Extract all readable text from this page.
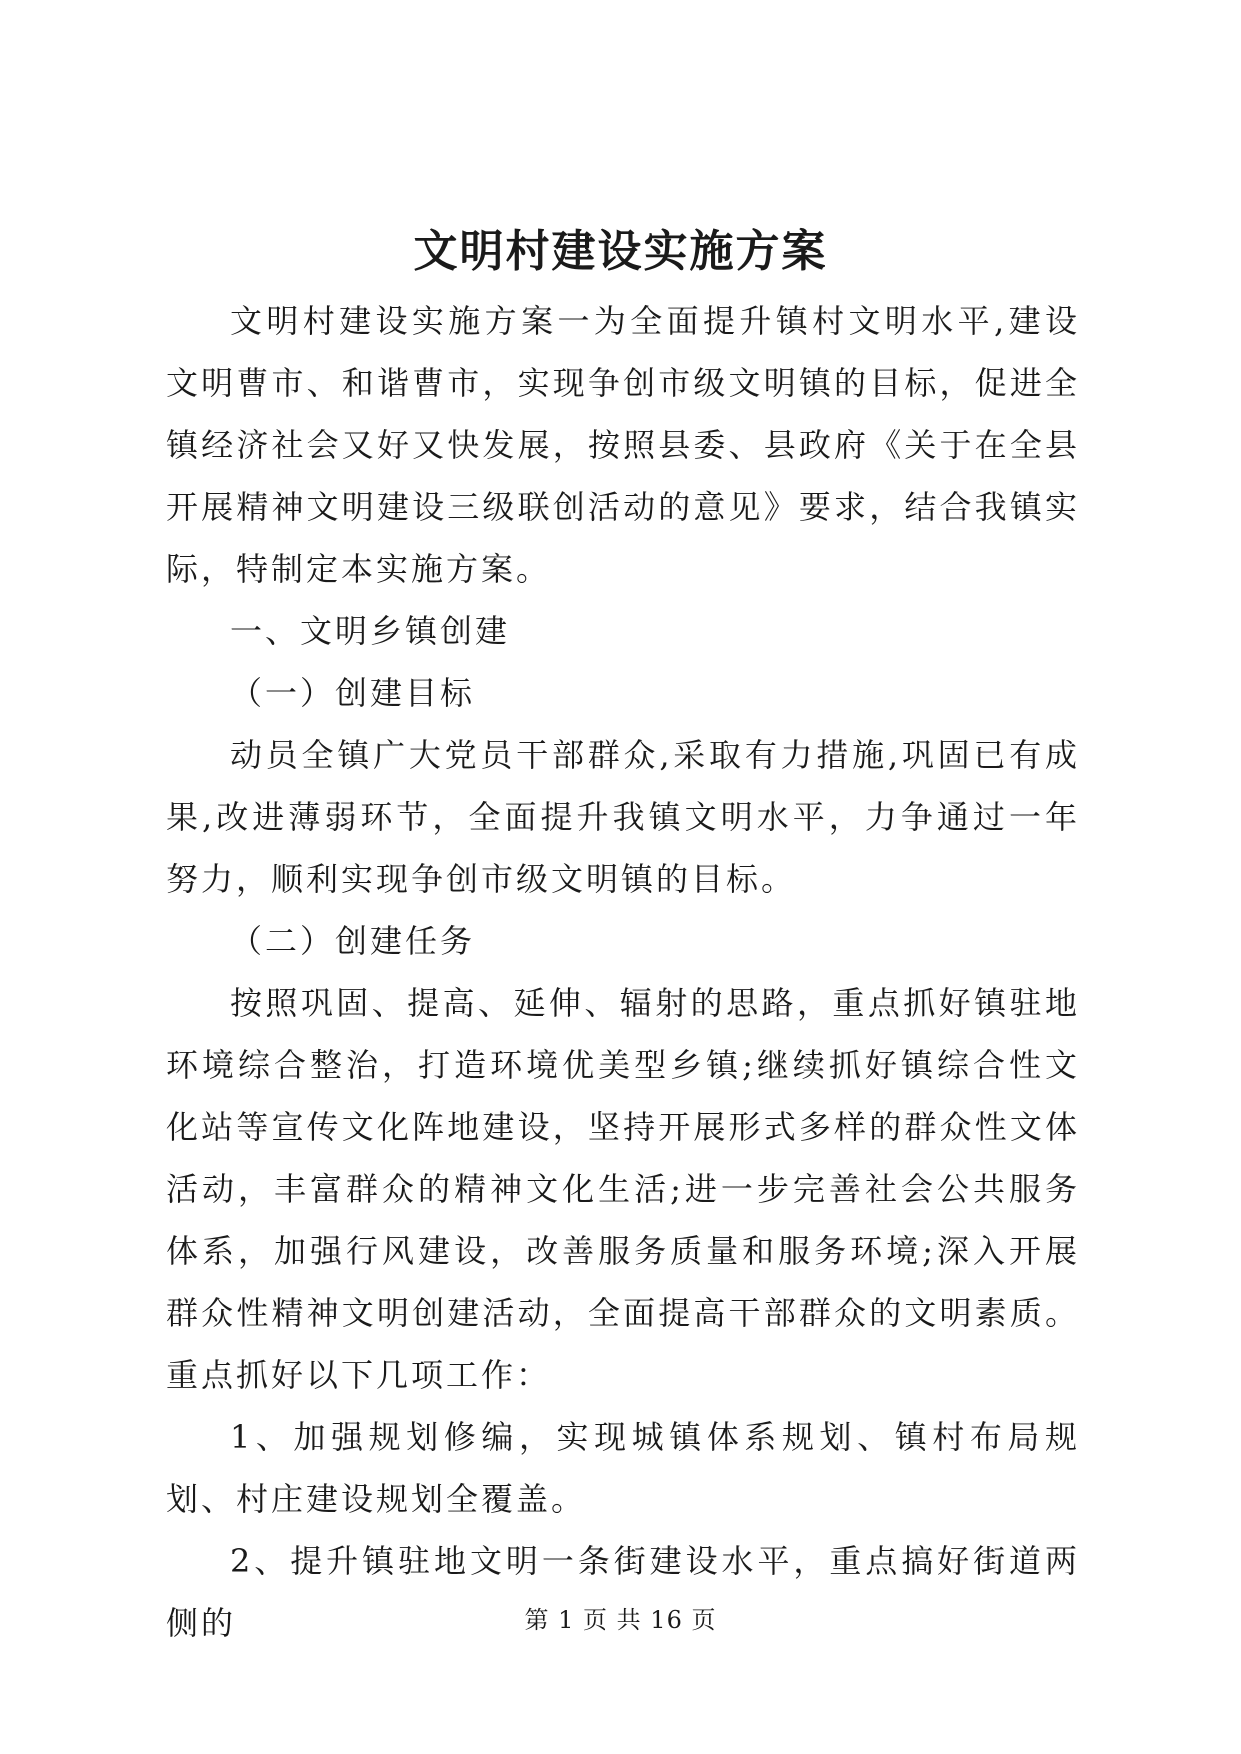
文明村建设实施方案

文明村建设实施方案一为全面提升镇村文明水平,建设文明曹市、和谐曹市，实现争创市级文明镇的目标，促进全镇经济社会又好又快发展，按照县委、县政府《关于在全县开展精神文明建设三级联创活动的意见》要求，结合我镇实际，特制定本实施方案。

一、文明乡镇创建

（一）创建目标

动员全镇广大党员干部群众,采取有力措施,巩固已有成果,改进薄弱环节，全面提升我镇文明水平，力争通过一年努力，顺利实现争创市级文明镇的目标。

（二）创建任务

按照巩固、提高、延伸、辐射的思路，重点抓好镇驻地环境综合整治，打造环境优美型乡镇;继续抓好镇综合性文化站等宣传文化阵地建设，坚持开展形式多样的群众性文体活动，丰富群众的精神文化生活;进一步完善社会公共服务体系，加强行风建设，改善服务质量和服务环境;深入开展群众性精神文明创建活动，全面提高干部群众的文明素质。重点抓好以下几项工作：

1、加强规划修编，实现城镇体系规划、镇村布局规划、村庄建设规划全覆盖。

2、提升镇驻地文明一条街建设水平，重点搞好街道两侧的	第 1 页 共 16 页
